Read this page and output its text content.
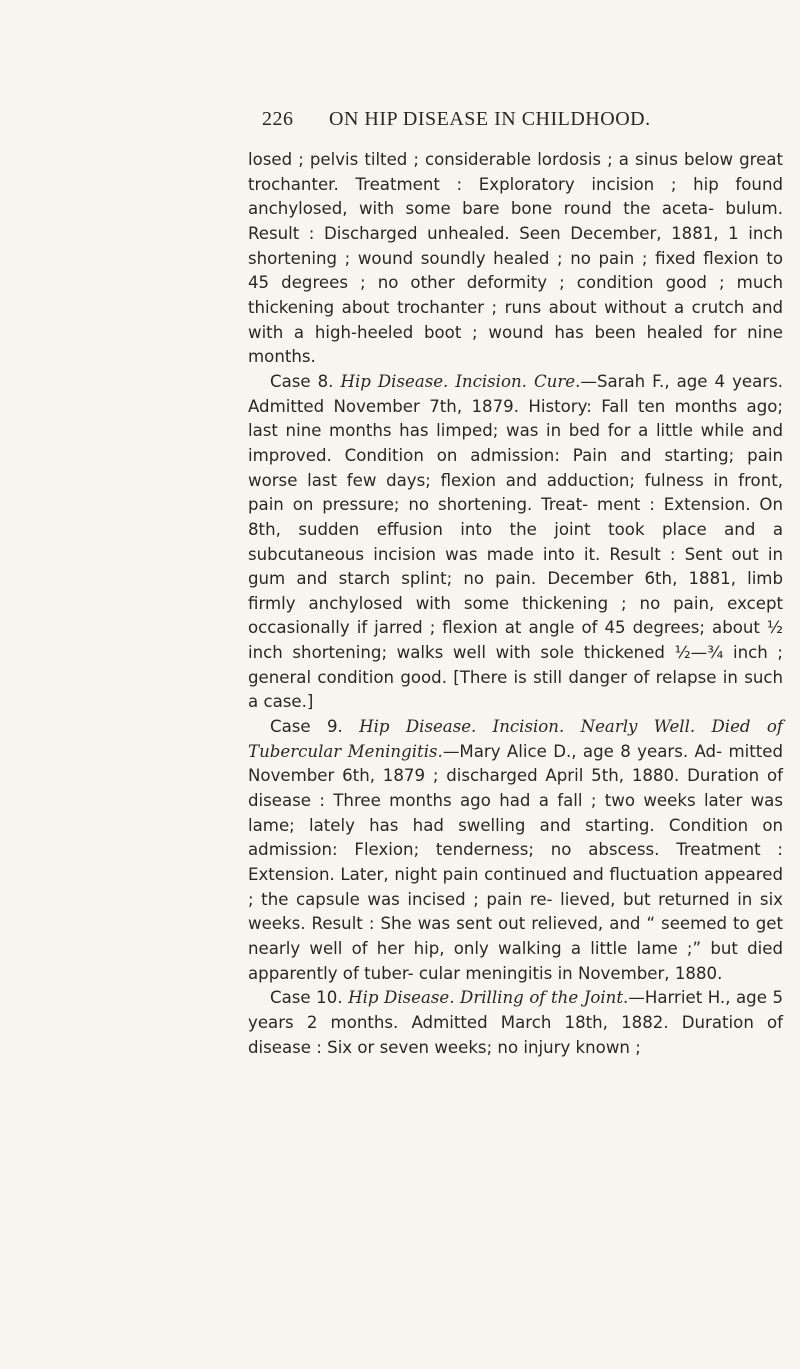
226 ON HIP DISEASE IN CHILDHOOD.

losed ; pelvis tilted ; considerable lordosis ; a sinus below great trochanter. Treatment : Exploratory incision ; hip found anchylosed, with some bare bone round the aceta- bulum. Result : Discharged unhealed. Seen December, 1881, 1 inch shortening ; wound soundly healed ; no pain ; fixed flexion to 45 degrees ; no other deformity ; condition good ; much thickening about trochanter ; runs about without a crutch and with a high-heeled boot ; wound has been healed for nine months.

Case 8. Hip Disease. Incision. Cure.—Sarah F., age 4 years. Admitted November 7th, 1879. History: Fall ten months ago; last nine months has limped; was in bed for a little while and improved. Condition on admission: Pain and starting; pain worse last few days; flexion and adduction; fulness in front, pain on pressure; no shortening. Treat- ment : Extension. On 8th, sudden effusion into the joint took place and a subcutaneous incision was made into it. Result : Sent out in gum and starch splint; no pain. December 6th, 1881, limb firmly anchylosed with some thickening ; no pain, except occasionally if jarred ; flexion at angle of 45 degrees; about ½ inch shortening; walks well with sole thickened ½—¾ inch ; general condition good. [There is still danger of relapse in such a case.]

Case 9. Hip Disease. Incision. Nearly Well. Died of Tubercular Meningitis.—Mary Alice D., age 8 years. Ad- mitted November 6th, 1879 ; discharged April 5th, 1880. Duration of disease : Three months ago had a fall ; two weeks later was lame; lately has had swelling and starting. Condition on admission: Flexion; tenderness; no abscess. Treatment : Extension. Later, night pain continued and fluctuation appeared ; the capsule was incised ; pain re- lieved, but returned in six weeks. Result : She was sent out relieved, and “ seemed to get nearly well of her hip, only walking a little lame ;” but died apparently of tuber- cular meningitis in November, 1880.

Case 10. Hip Disease. Drilling of the Joint.—Harriet H., age 5 years 2 months. Admitted March 18th, 1882. Duration of disease : Six or seven weeks; no injury known ;
